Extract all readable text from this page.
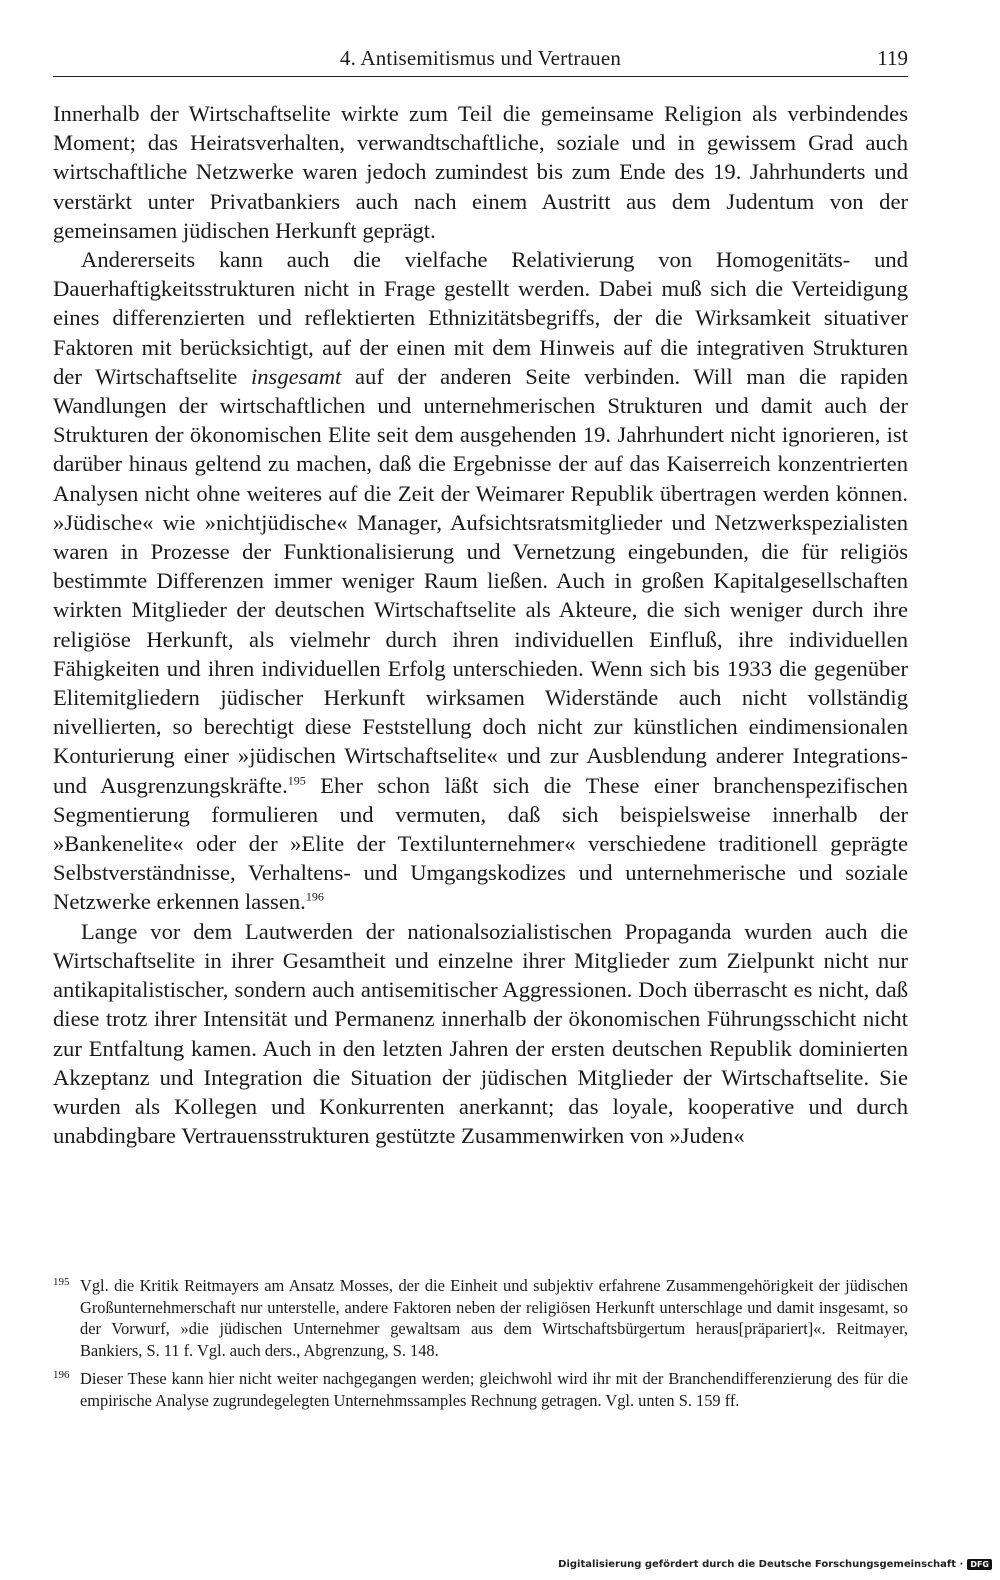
4. Antisemitismus und Vertrauen	119

Innerhalb der Wirtschaftselite wirkte zum Teil die gemeinsame Religion als verbindendes Moment; das Heiratsverhalten, verwandtschaftliche, soziale und in gewissem Grad auch wirtschaftliche Netzwerke waren jedoch zumindest bis zum Ende des 19. Jahrhunderts und verstärkt unter Privatbankiers auch nach einem Austritt aus dem Judentum von der gemeinsamen jüdischen Herkunft geprägt.

Andererseits kann auch die vielfache Relativierung von Homogenitäts- und Dauerhaftigkeitsstrukturen nicht in Frage gestellt werden. Dabei muß sich die Verteidigung eines differenzierten und reflektierten Ethnizitätsbegriffs, der die Wirksamkeit situativer Faktoren mit berücksichtigt, auf der einen mit dem Hinweis auf die integrativen Strukturen der Wirtschaftselite insgesamt auf der anderen Seite verbinden. Will man die rapiden Wandlungen der wirtschaftlichen und unternehmerischen Strukturen und damit auch der Strukturen der ökonomischen Elite seit dem ausgehenden 19. Jahrhundert nicht ignorieren, ist darüber hinaus geltend zu machen, daß die Ergebnisse der auf das Kaiserreich konzentrierten Analysen nicht ohne weiteres auf die Zeit der Weimarer Republik übertragen werden können. »Jüdische« wie »nichtjüdische« Manager, Aufsichtsratsmitglieder und Netzwerkspezialisten waren in Prozesse der Funktionalisierung und Vernetzung eingebunden, die für religiös bestimmte Differenzen immer weniger Raum ließen. Auch in großen Kapitalgesellschaften wirkten Mitglieder der deutschen Wirtschaftselite als Akteure, die sich weniger durch ihre religiöse Herkunft, als vielmehr durch ihren individuellen Einfluß, ihre individuellen Fähigkeiten und ihren individuellen Erfolg unterschieden. Wenn sich bis 1933 die gegenüber Elitemitgliedern jüdischer Herkunft wirksamen Widerstände auch nicht vollständig nivellierten, so berechtigt diese Feststellung doch nicht zur künstlichen eindimensionalen Konturierung einer »jüdischen Wirtschaftselite« und zur Ausblendung anderer Integrations- und Ausgrenzungskräfte.$^{195}$ Eher schon läßt sich die These einer branchenspezifischen Segmentierung formulieren und vermuten, daß sich beispielsweise innerhalb der »Bankenelite« oder der »Elite der Textilunternehmer« verschiedene traditionell geprägte Selbstverständnisse, Verhaltens- und Umgangskodizes und unternehmerische und soziale Netzwerke erkennen lassen.$^{196}$

Lange vor dem Lautwerden der nationalsozialistischen Propaganda wurden auch die Wirtschaftselite in ihrer Gesamtheit und einzelne ihrer Mitglieder zum Zielpunkt nicht nur antikapitalistischer, sondern auch antisemitischer Aggressionen. Doch überrascht es nicht, daß diese trotz ihrer Intensität und Permanenz innerhalb der ökonomischen Führungsschicht nicht zur Entfaltung kamen. Auch in den letzten Jahren der ersten deutschen Republik dominierten Akzeptanz und Integration die Situation der jüdischen Mitglieder der Wirtschaftselite. Sie wurden als Kollegen und Konkurrenten anerkannt; das loyale, kooperative und durch unabdingbare Vertrauensstrukturen gestützte Zusammenwirken von »Juden«

195 Vgl. die Kritik Reitmayers am Ansatz Mosses, der die Einheit und subjektiv erfahrene Zusammengehörigkeit der jüdischen Großunternehmerschaft nur unterstelle, andere Faktoren neben der religiösen Herkunft unterschlage und damit insgesamt, so der Vorwurf, »die jüdischen Unternehmer gewaltsam aus dem Wirtschaftsbürgertum heraus[präpariert]«. Reitmayer, Bankiers, S. 11 f. Vgl. auch ders., Abgrenzung, S. 148.

196 Dieser These kann hier nicht weiter nachgegangen werden; gleichwohl wird ihr mit der Branchendifferenzierung des für die empirische Analyse zugrundegelegten Unternehmssamples Rechnung getragen. Vgl. unten S. 159 ff.

Digitalisierung gefördert durch die Deutsche Forschungsgemeinschaft · DFG
